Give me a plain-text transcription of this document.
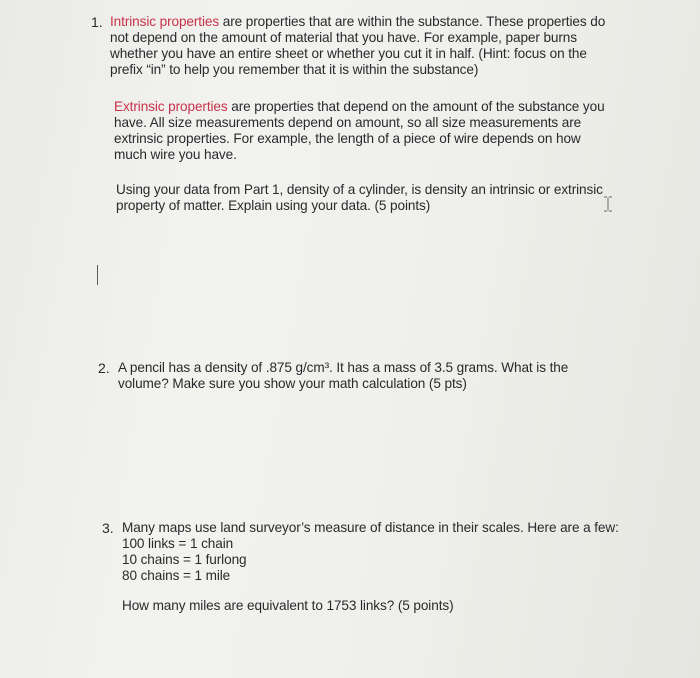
1. Intrinsic properties are properties that are within the substance. These properties do
not depend on the amount of material that you have. For example, paper burns
whether you have an entire sheet or whether you cut it in half. (Hint: focus on the
prefix “in” to help you remember that it is within the substance)
Extrinsic properties are properties that depend on the amount of the substance you
have. All size measurements depend on amount, so all size measurements are
extrinsic properties. For example, the length of a piece of wire depends on how
much wire you have.
Using your data from Part 1, density of a cylinder, is density an intrinsic or extrinsic
property of matter. Explain using your data. (5 points)
2. A pencil has a density of .875 g/cm³. It has a mass of 3.5 grams. What is the
volume? Make sure you show your math calculation (5 pts)
3. Many maps use land surveyor’s measure of distance in their scales. Here are a few:
100 links = 1 chain
10 chains = 1 furlong
80 chains = 1 mile
How many miles are equivalent to 1753 links? (5 points)
